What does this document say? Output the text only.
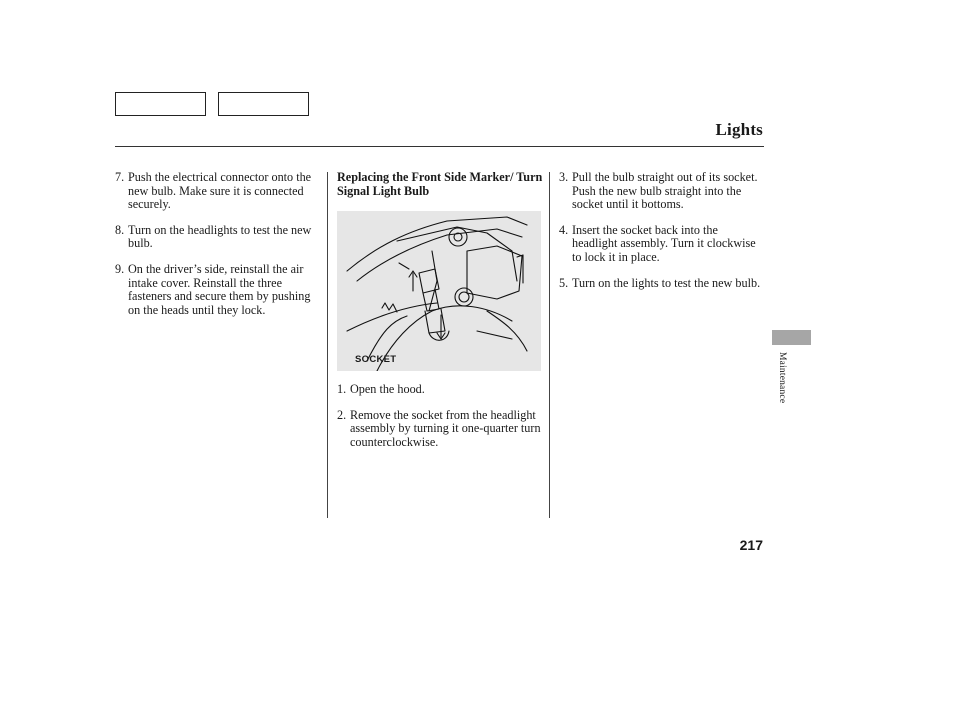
Lights
7. Push the electrical connector onto the new bulb. Make sure it is connected securely.
8. Turn on the headlights to test the new bulb.
9. On the driver’s side, reinstall the air intake cover. Reinstall the three fasteners and secure them by pushing on the heads until they lock.
Replacing the Front Side Marker/ Turn Signal Light Bulb
SOCKET
1. Open the hood.
2. Remove the socket from the headlight assembly by turning it one-quarter turn counterclockwise.
3. Pull the bulb straight out of its socket. Push the new bulb straight into the socket until it bottoms.
4. Insert the socket back into the headlight assembly. Turn it clockwise to lock it in place.
5. Turn on the lights to test the new bulb.
Maintenance
217
